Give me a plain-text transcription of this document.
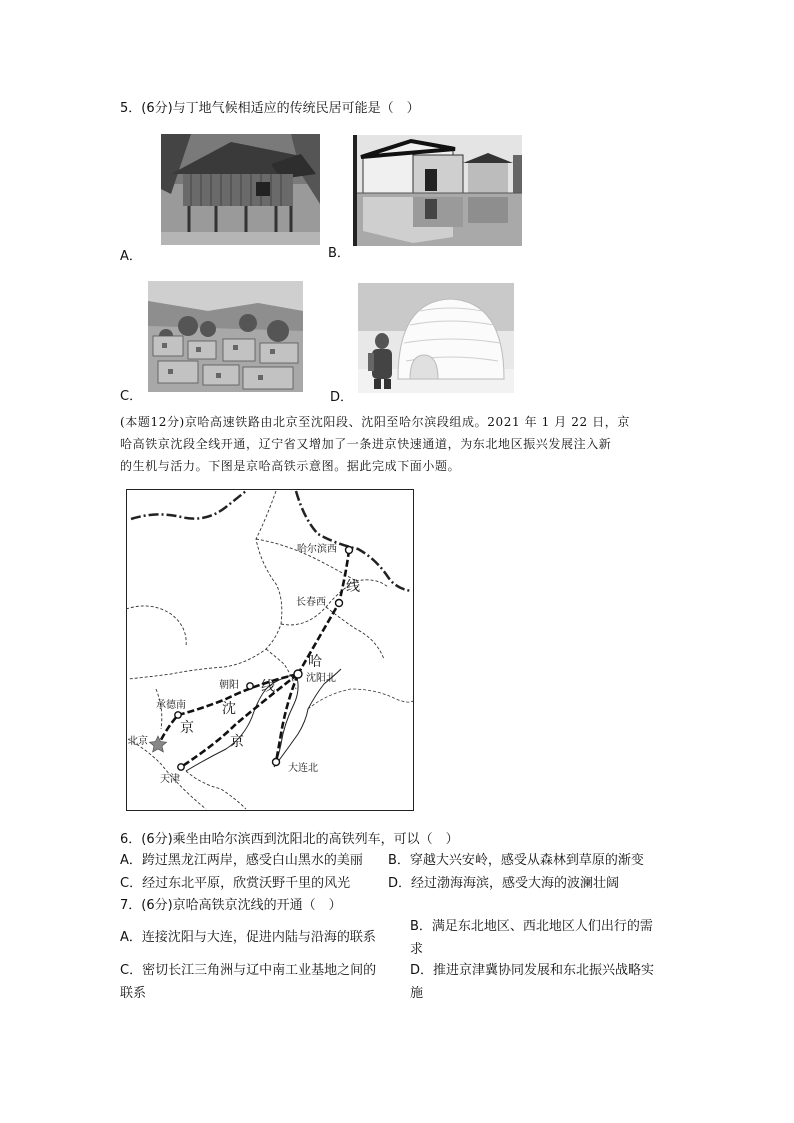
5．(6分)与丁地气候相适应的传统民居可能是（　）
A．	B．
C．	D．
(本题12分)京哈高速铁路由北京至沈阳段、沈阳至哈尔滨段组成。2021 年 1 月 22 日，京
哈高铁京沈段全线开通，辽宁省又增加了一条进京快速通道，为东北地区振兴发展注入新
的生机与活力。下图是京哈高铁示意图。据此完成下面小题。
哈尔滨西
长春西
沈阳北
朝阳
承德南
北京
天津
大连北
线
哈
线
沈
京
京
6．(6分)乘坐由哈尔滨西到沈阳北的高铁列车，可以（　）
A．跨过黑龙江两岸，感受白山黑水的美丽 B．穿越大兴安岭，感受从森林到草原的渐变
C．经过东北平原，欣赏沃野千里的风光	D．经过渤海海滨，感受大海的波澜壮阔
7．(6分)京哈高铁京沈线的开通（　）
A．连接沈阳与大连，促进内陆与沿海的联系
B．满足东北地区、西北地区人们出行的需
求
C．密切长江三角洲与辽中南工业基地之间的
联系
D．推进京津冀协同发展和东北振兴战略实
施
